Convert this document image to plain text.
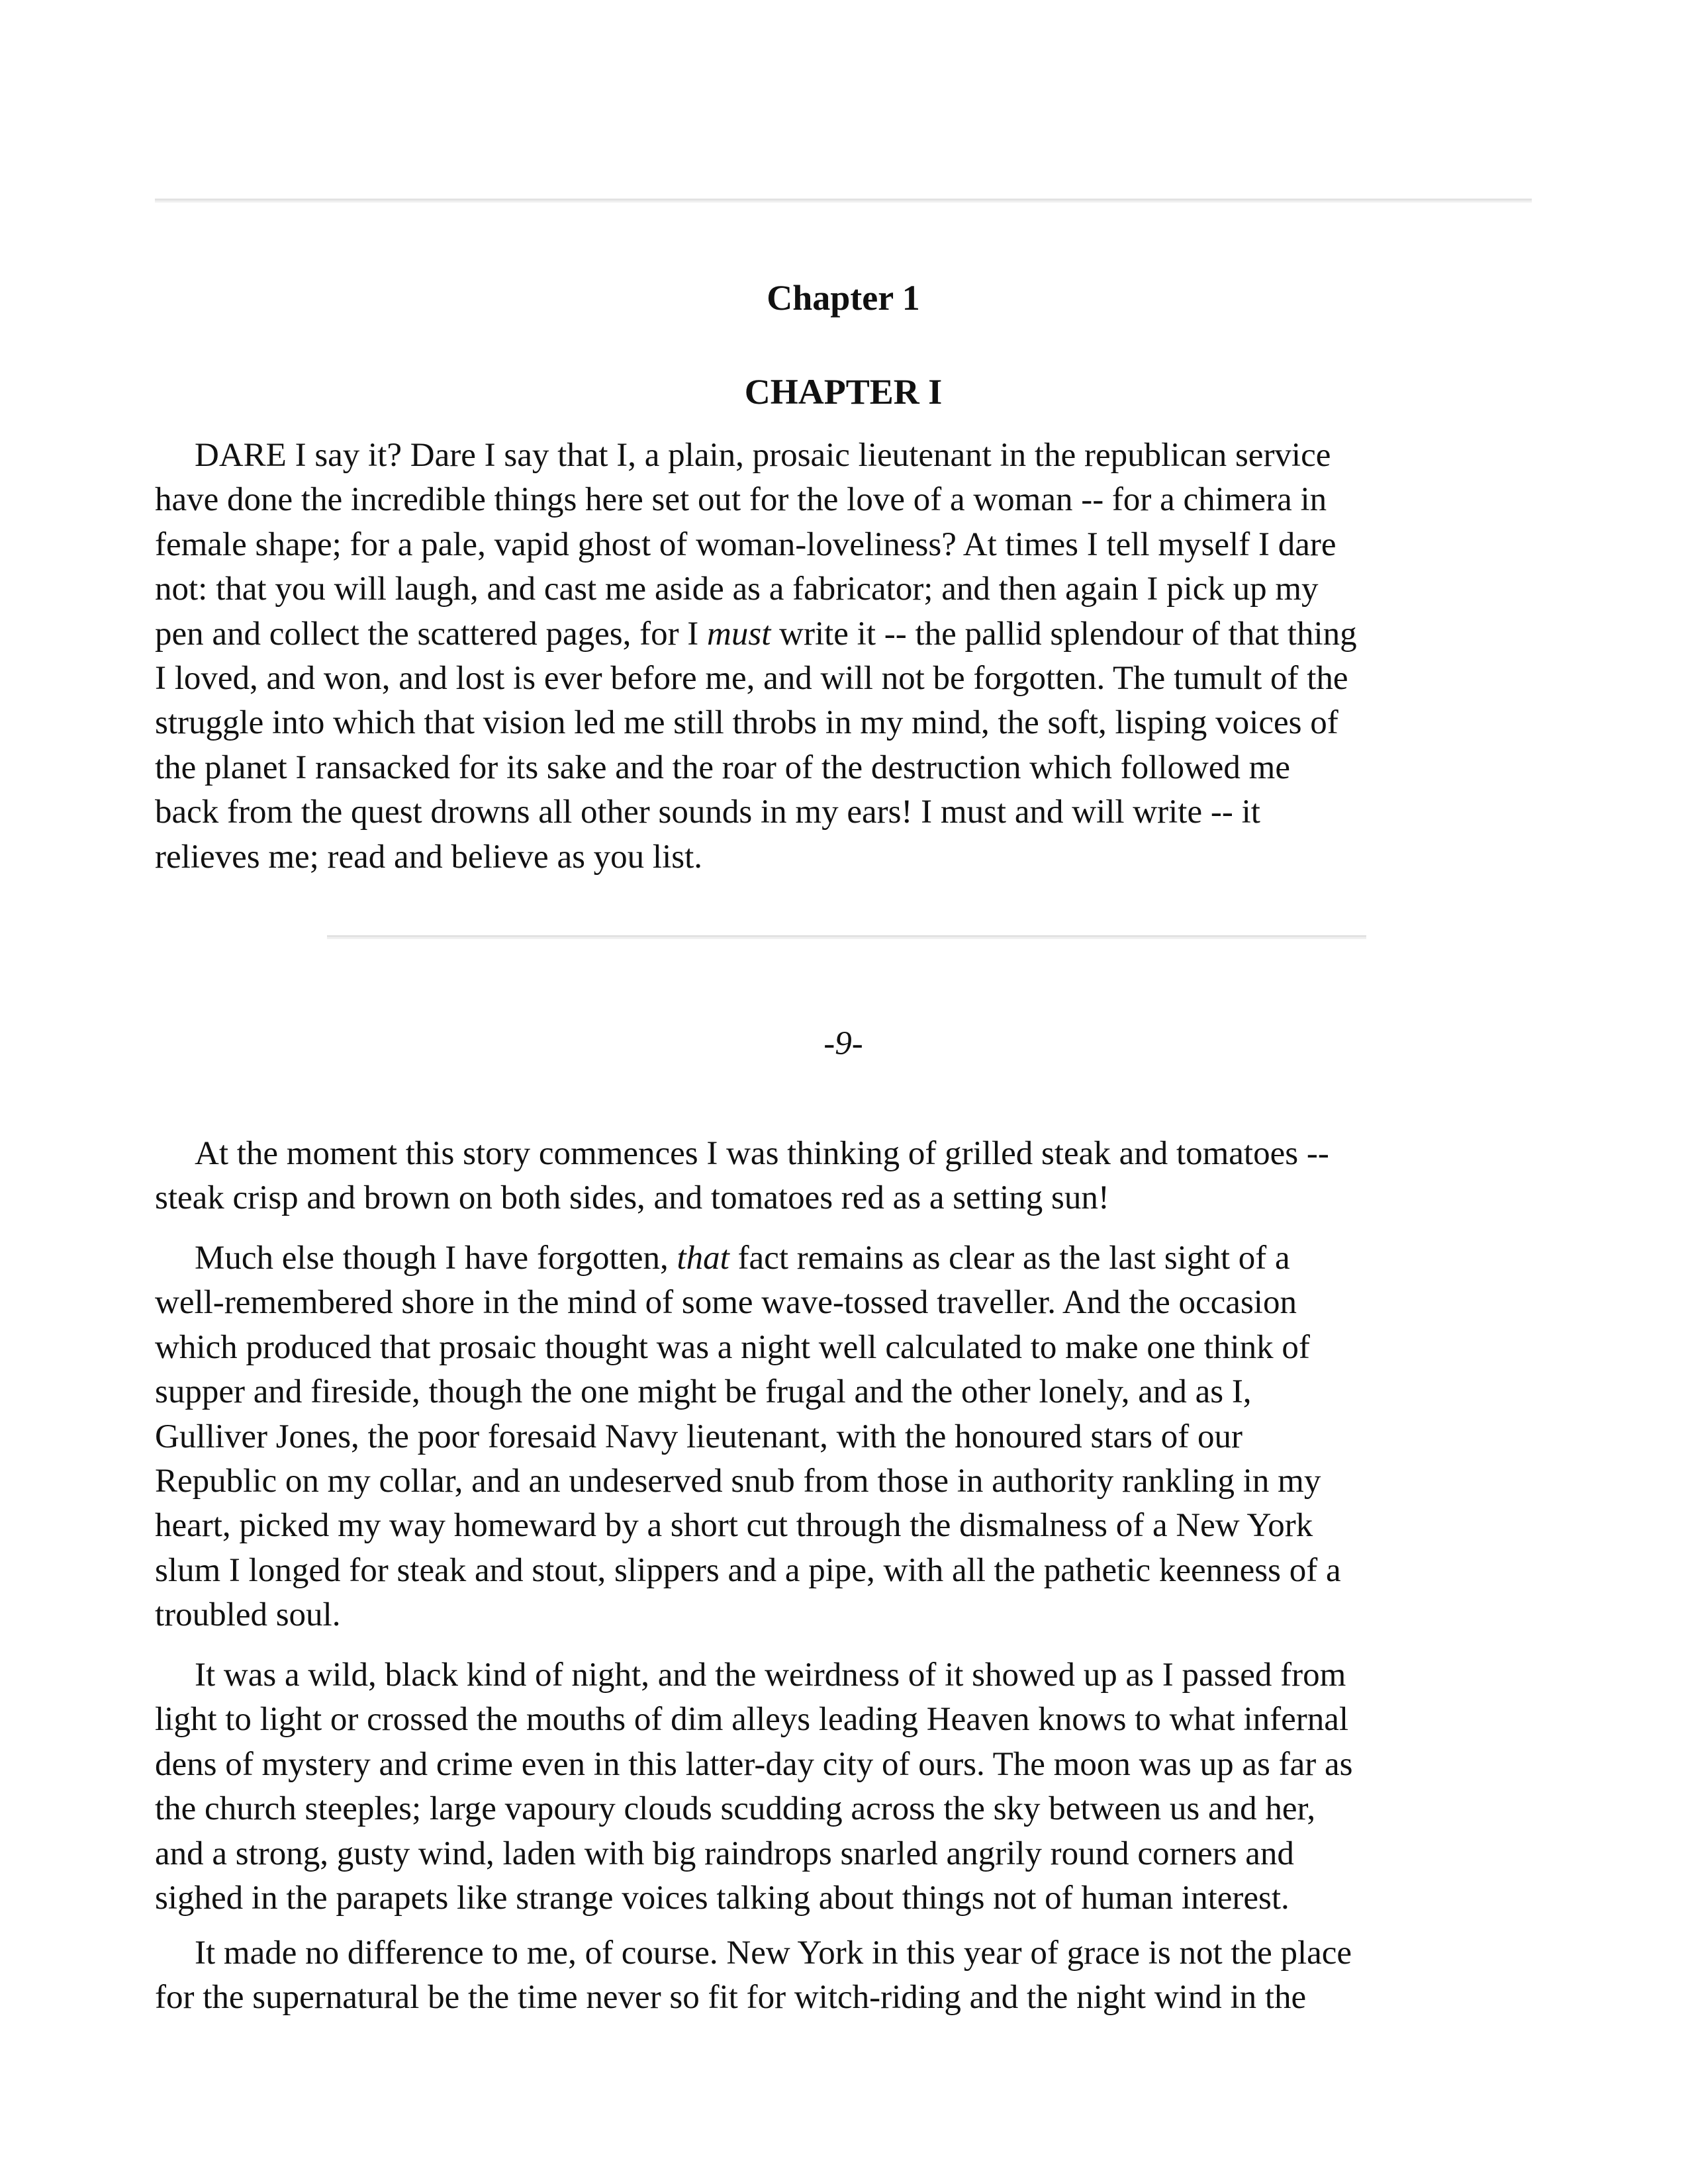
Chapter 1
CHAPTER I

DARE I say it? Dare I say that I, a plain, prosaic lieutenant in the republican service
have done the incredible things here set out for the love of a woman -- for a chimera in
female shape; for a pale, vapid ghost of woman-loveliness? At times I tell myself I dare
not: that you will laugh, and cast me aside as a fabricator; and then again I pick up my
pen and collect the scattered pages, for I must write it -- the pallid splendour of that thing
I loved, and won, and lost is ever before me, and will not be forgotten. The tumult of the
struggle into which that vision led me still throbs in my mind, the soft, lisping voices of
the planet I ransacked for its sake and the roar of the destruction which followed me
back from the quest drowns all other sounds in my ears! I must and will write -- it
relieves me; read and believe as you list.

-9-

At the moment this story commences I was thinking of grilled steak and tomatoes --
steak crisp and brown on both sides, and tomatoes red as a setting sun!

Much else though I have forgotten, that fact remains as clear as the last sight of a
well-remembered shore in the mind of some wave-tossed traveller. And the occasion
which produced that prosaic thought was a night well calculated to make one think of
supper and fireside, though the one might be frugal and the other lonely, and as I,
Gulliver Jones, the poor foresaid Navy lieutenant, with the honoured stars of our
Republic on my collar, and an undeserved snub from those in authority rankling in my
heart, picked my way homeward by a short cut through the dismalness of a New York
slum I longed for steak and stout, slippers and a pipe, with all the pathetic keenness of a
troubled soul.

It was a wild, black kind of night, and the weirdness of it showed up as I passed from
light to light or crossed the mouths of dim alleys leading Heaven knows to what infernal
dens of mystery and crime even in this latter-day city of ours. The moon was up as far as
the church steeples; large vapoury clouds scudding across the sky between us and her,
and a strong, gusty wind, laden with big raindrops snarled angrily round corners and
sighed in the parapets like strange voices talking about things not of human interest.

It made no difference to me, of course. New York in this year of grace is not the place
for the supernatural be the time never so fit for witch-riding and the night wind in the
